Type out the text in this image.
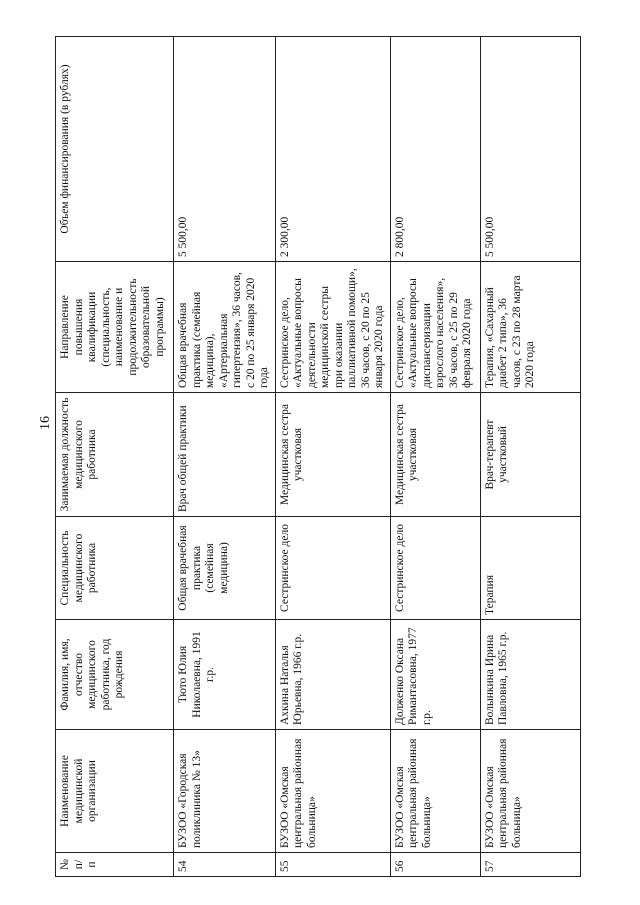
16
№ п/п	Наименование медицинской организации	Фамилия, имя, отчество медицинского работника, год рождения	Специальность медицинского работника	Занимаемая должность медицинского работника	Направление повышения квалификации (специальность, наименование и продолжительность образовательной программы)	Объем финансирования (в рублях)
54	БУЗОО «Городская поликлиника № 13»	Тюто Юлия Николаевна, 1991 г.р.	Общая врачебная практика (семейная медицина)	Врач общей практики	Общая врачебная практика (семейная медицина), «Артериальная гипертензия», 36 часов, с 20 по 25 января 2020 года	5 500,00
55	БУЗОО «Омская центральная районная больница»	Ахкина Наталья Юрьевна, 1966 г.р.	Сестринское дело	Медицинская сестра участковая	Сестринское дело, «Актуальные вопросы деятельности медицинской сестры при оказании паллиативной помощи», 36 часов, с 20 по 25 января 2020 года	2 300,00
56	БУЗОО «Омская центральная районная больница»	Долженко Оксана Римантасовна, 1977 г.р.	Сестринское дело	Медицинская сестра участковая	Сестринское дело, «Актуальные вопросы диспансеризации взрослого населения», 36 часов, с 25 по 29 февраля 2020 года	2 800,00
57	БУЗОО «Омская центральная районная больница»	Волынкина Ирина Павловна, 1965 г.р.	Терапия	Врач-терапевт участковый	Терапия, «Сахарный диабет 2 типа», 36 часов, с 23 по 28 марта 2020 года	5 500,00
